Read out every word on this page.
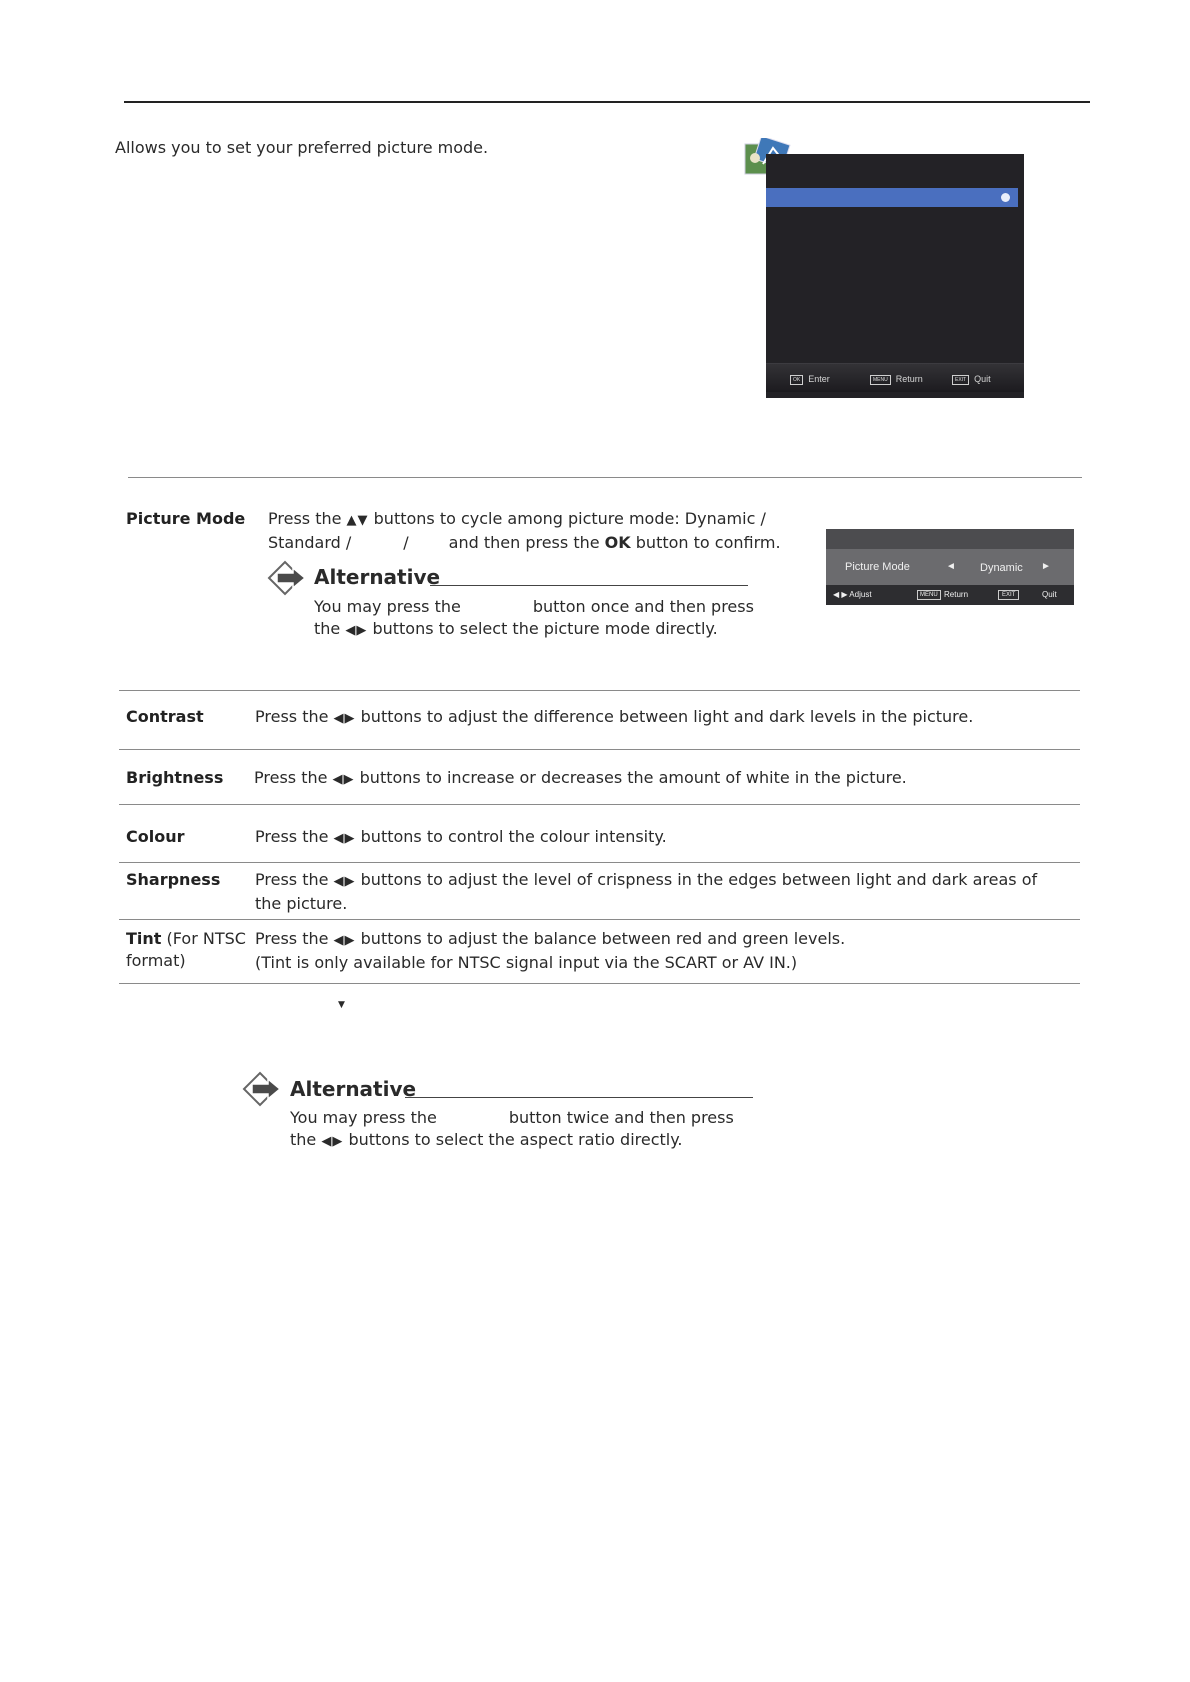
Allows you to set your preferred picture mode.
OK Enter	MENU Return	EXIT Quit
Picture Mode Press the ▲▼ buttons to cycle among picture mode: Dynamic /
Standard /	/	and then press the OK button to confirm.
Alternative
You may press the	button once and then press
the ◀▶ buttons to select the picture mode directly.
Picture Mode	◄ Dynamic ►
◀ ▶ Adjust	MENU Return	EXIT	Quit
Contrast	Press the ◀▶ buttons to adjust the difference between light and dark levels in the picture.
Brightness Press the ◀▶ buttons to increase or decreases the amount of white in the picture.
Colour	Press the ◀▶ buttons to control the colour intensity.
Sharpness Press the ◀▶ buttons to adjust the level of crispness in the edges between light and dark areas of
the picture.
Tint (For NTSC
format)
Press the ◀▶ buttons to adjust the balance between red and green levels.
(Tint is only available for NTSC signal input via the SCART or AV IN.)
▼
Alternative
You may press the	button twice and then press
the ◀▶ buttons to select the aspect ratio directly.
